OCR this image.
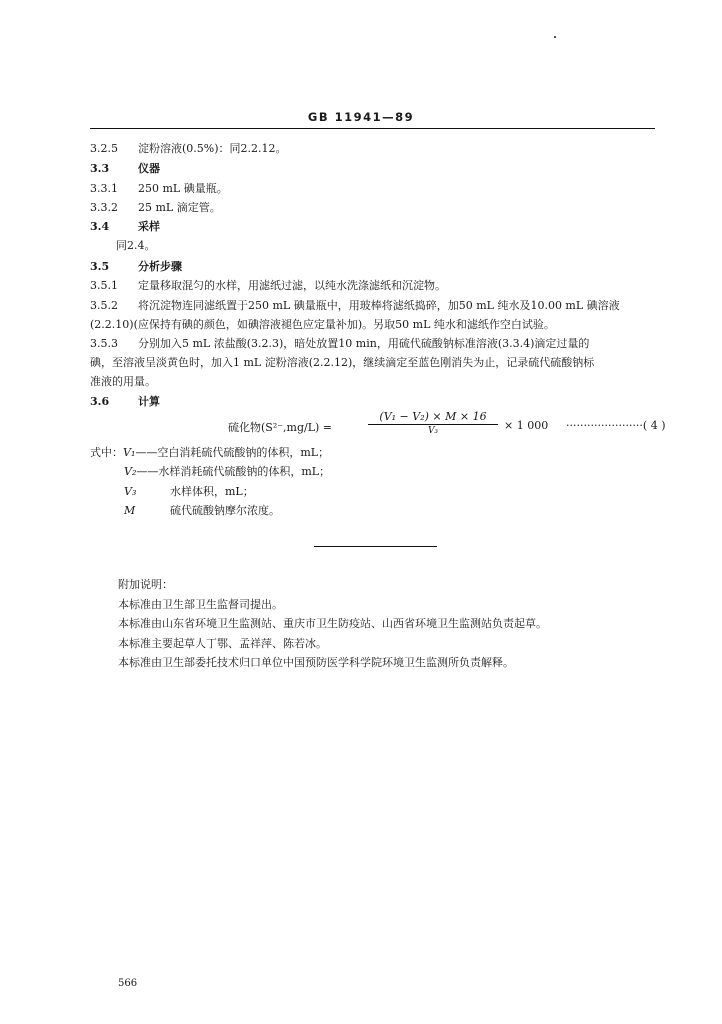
GB 11941—89
3.2.5 淀粉溶液(0.5%)：同2.2.12。
3.3	仪器
3.3.1 250 mL 碘量瓶。
3.3.2 25 mL 滴定管。
3.4	采样
同2.4。
3.5	分析步骤
3.5.1 定量移取混匀的水样，用滤纸过滤，以纯水洗涤滤纸和沉淀物。
3.5.2 将沉淀物连同滤纸置于250 mL 碘量瓶中，用玻棒将滤纸捣碎，加50 mL 纯水及10.00 mL 碘溶液
(2.2.10)(应保持有碘的颜色，如碘溶液褪色应定量补加)。另取50 mL 纯水和滤纸作空白试验。
3.5.3 分别加入5 mL 浓盐酸(3.2.3)，暗处放置10 min，用硫代硫酸钠标准溶液(3.3.4)滴定过量的
碘，至溶液呈淡黄色时，加入1 mL 淀粉溶液(2.2.12)，继续滴定至蓝色刚消失为止，记录硫代硫酸钠标
准液的用量。
3.6	计算
硫化物(S²⁻,mg/L) =
(V₁ − V₂) × M × 16
V₃	× 1 000 ······················( 4 )
式中：V₁——空白消耗硫代硫酸钠的体积，mL；
V₂——水样消耗硫代硫酸钠的体积，mL；
V₃	水样体积，mL；
M	硫代硫酸钠摩尔浓度。
附加说明：
本标准由卫生部卫生监督司提出。
本标准由山东省环境卫生监测站、重庆市卫生防疫站、山西省环境卫生监测站负责起草。
本标准主要起草人丁鄂、孟祥萍、陈若冰。
本标准由卫生部委托技术归口单位中国预防医学科学院环境卫生监测所负责解释。
566
